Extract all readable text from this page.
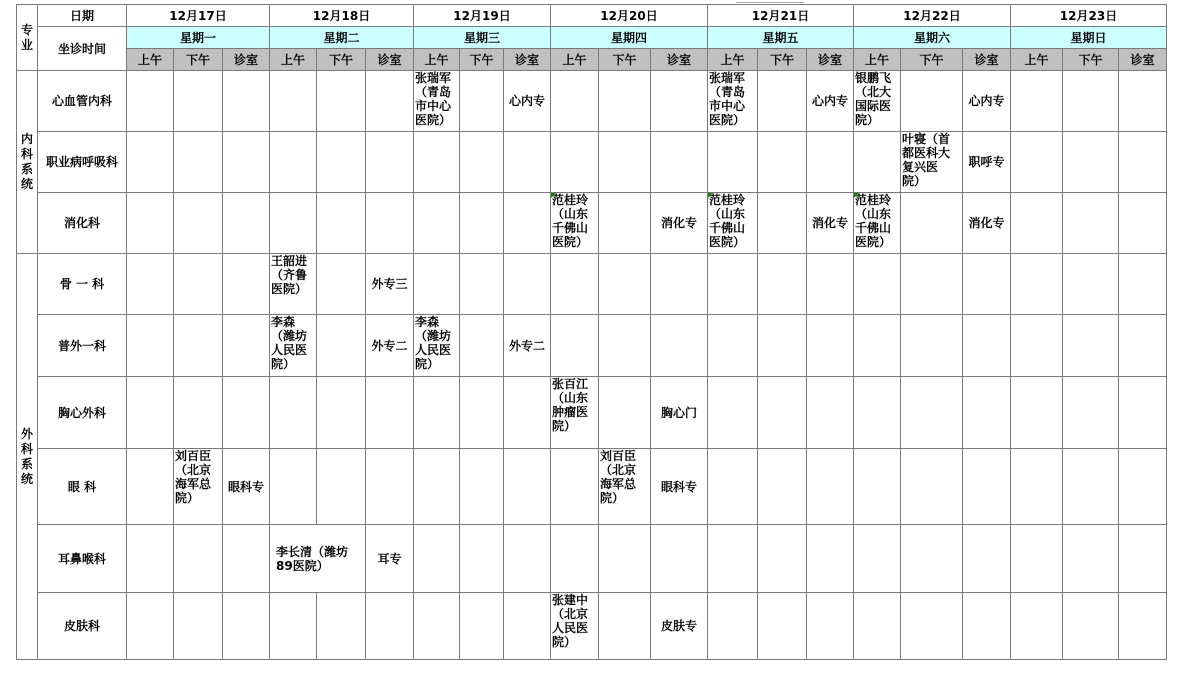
专业	日期	12月17日			12月18日			12月19日			12月20日			12月21日			12月22日			12月23日		
	坐诊时间	星期一			星期二			星期三			星期四			星期五			星期六			星期日		
		上午	下午	诊室	上午	下午	诊室	上午	下午	诊室	上午	下午	诊室	上午	下午	诊室	上午	下午	诊室	上午	下午	诊室
内科系统	心血管内科							张瑞军
（青岛
市中心
医院）		心内专				张瑞军
（青岛
市中心
医院）		心内专	银鹏飞
（北大
国际医
院）		心内专			
	职业病呼吸科																	叶寝（首
都医科大
复兴医
院）	职呼专			
	消化科										范桂玲
（山东
千佛山
医院）		消化专	范桂玲
（山东
千佛山
医院）		消化专	范桂玲
（山东
千佛山
医院）		消化专			
外科系统	骨 一 科				王韶进
（齐鲁
医院）		外专三															
	普外一科				李森
（潍坊
人民医
院）		外专二	李森
（潍坊
人民医
院）		外专二												
	胸心外科										张百江
（山东
肿瘤医
院）		胸心门									
	眼 科		刘百臣
（北京
海军总
院）	眼科专								刘百臣
（北京
海军总
院）	眼科专									
	耳鼻喉科				李长清（潍坊
89医院）		耳专															
	皮肤科										张建中
（北京
人民医
院）		皮肤专									
